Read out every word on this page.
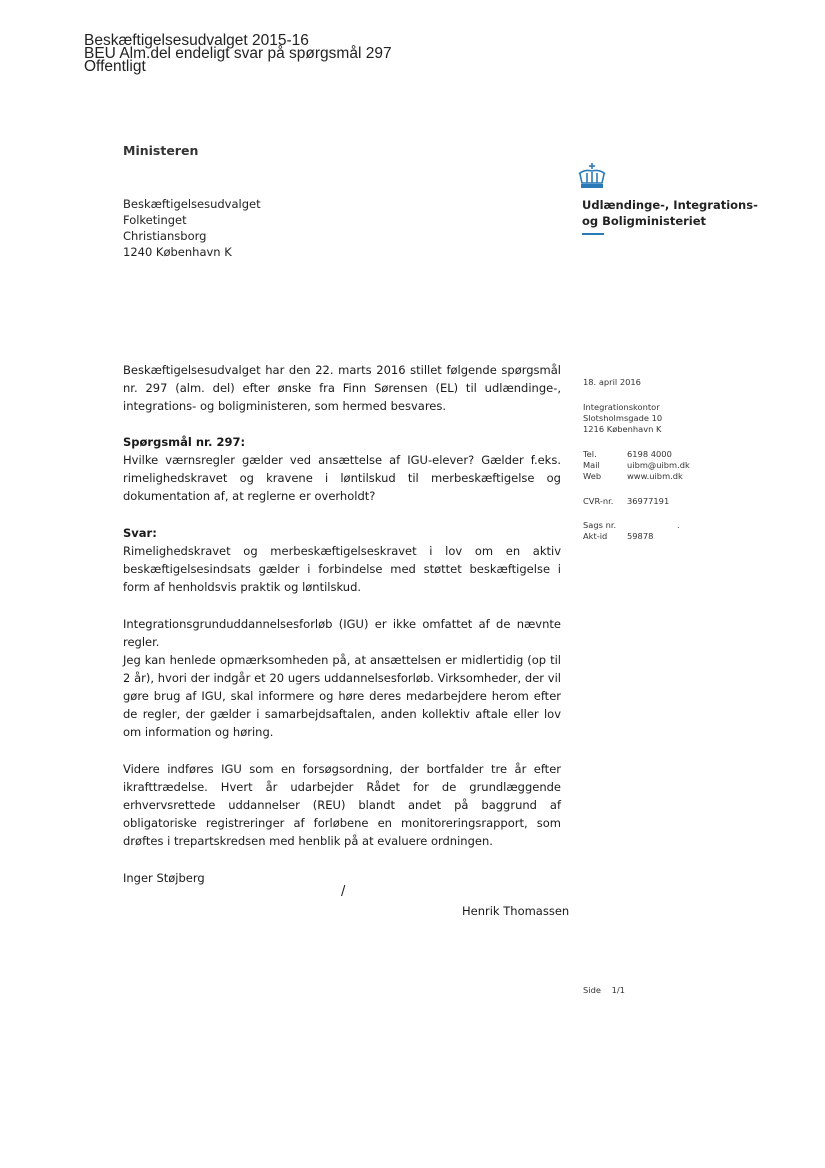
Beskæftigelsesudvalget 2015-16
BEU Alm.del endeligt svar på spørgsmål 297
Offentligt
Ministeren
Beskæftigelsesudvalget
Folketinget
Christiansborg
1240 København K
Udlændinge-, Integrations-
og Boligministeriet
18. april 2016
Integrationskontor
Slotsholmsgade 10
1216 København K
Tel.	6198 4000
Mail	uibm@uibm.dk
Web	www.uibm.dk
CVR-nr.	36977191
Sags nr.	.
Akt-id	59878
Beskæftigelsesudvalget har den 22. marts 2016 stillet følgende spørgsmål nr. 297 (alm. del) efter ønske fra Finn Sørensen (EL) til udlændinge-, integrations- og boligministeren, som hermed besvares.
Spørgsmål nr. 297:
Hvilke værnsregler gælder ved ansættelse af IGU-elever? Gælder f.eks. rimelighedskravet og kravene i løntilskud til merbeskæftigelse og dokumentation af, at reglerne er overholdt?
Svar:
Rimelighedskravet og merbeskæftigelseskravet i lov om en aktiv beskæftigelsesindsats gælder i forbindelse med støttet beskæftigelse i form af henholdsvis praktik og løntilskud.
Integrationsgrunduddannelsesforløb (IGU) er ikke omfattet af de nævnte regler.
Jeg kan henlede opmærksomheden på, at ansættelsen er midlertidig (op til 2 år), hvori der indgår et 20 ugers uddannelsesforløb. Virksomheder, der vil gøre brug af IGU, skal informere og høre deres medarbejdere herom efter de regler, der gælder i samarbejdsaftalen, anden kollektiv aftale eller lov om information og høring.
Videre indføres IGU som en forsøgsordning, der bortfalder tre år efter ikrafttrædelse. Hvert år udarbejder Rådet for de grundlæggende erhvervsrettede uddannelser (REU) blandt andet på baggrund af obligatoriske registreringer af forløbene en monitoreringsrapport, som drøftes i trepartskredsen med henblik på at evaluere ordningen.
Inger Støjberg
/
Henrik Thomassen
Side 1/1
